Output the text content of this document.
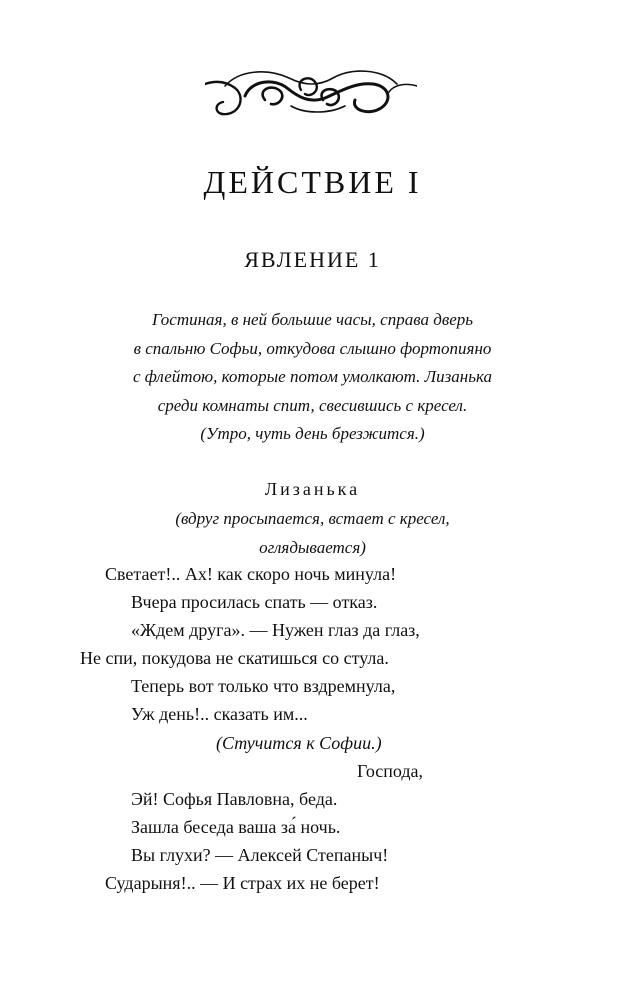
ДЕЙСТВИЕ I
ЯВЛЕНИЕ 1
Гостиная, в ней большие часы, справа дверь
в спальню Софьи, откудова слышно фортопияно
с флейтою, которые потом умолкают. Лизанька
среди комнаты спит, свесившись с кресел.
(Утро, чуть день брезжится.)
Лизанька
(вдруг просыпается, встает с кресел,
оглядывается)
Светает!.. Ах! как скоро ночь минула!
Вчера просилась спать — отказ.
«Ждем друга». — Нужен глаз да глаз,
Не спи, покудова не скатишься со стула.
Теперь вот только что вздремнула,
Уж день!.. сказать им...
(Стучится к Софии.)
Господа,
Эй! Софья Павловна, беда.
Зашла беседа ваша за́ ночь.
Вы глухи? — Алексей Степаныч!
Сударыня!.. — И страх их не берет!
